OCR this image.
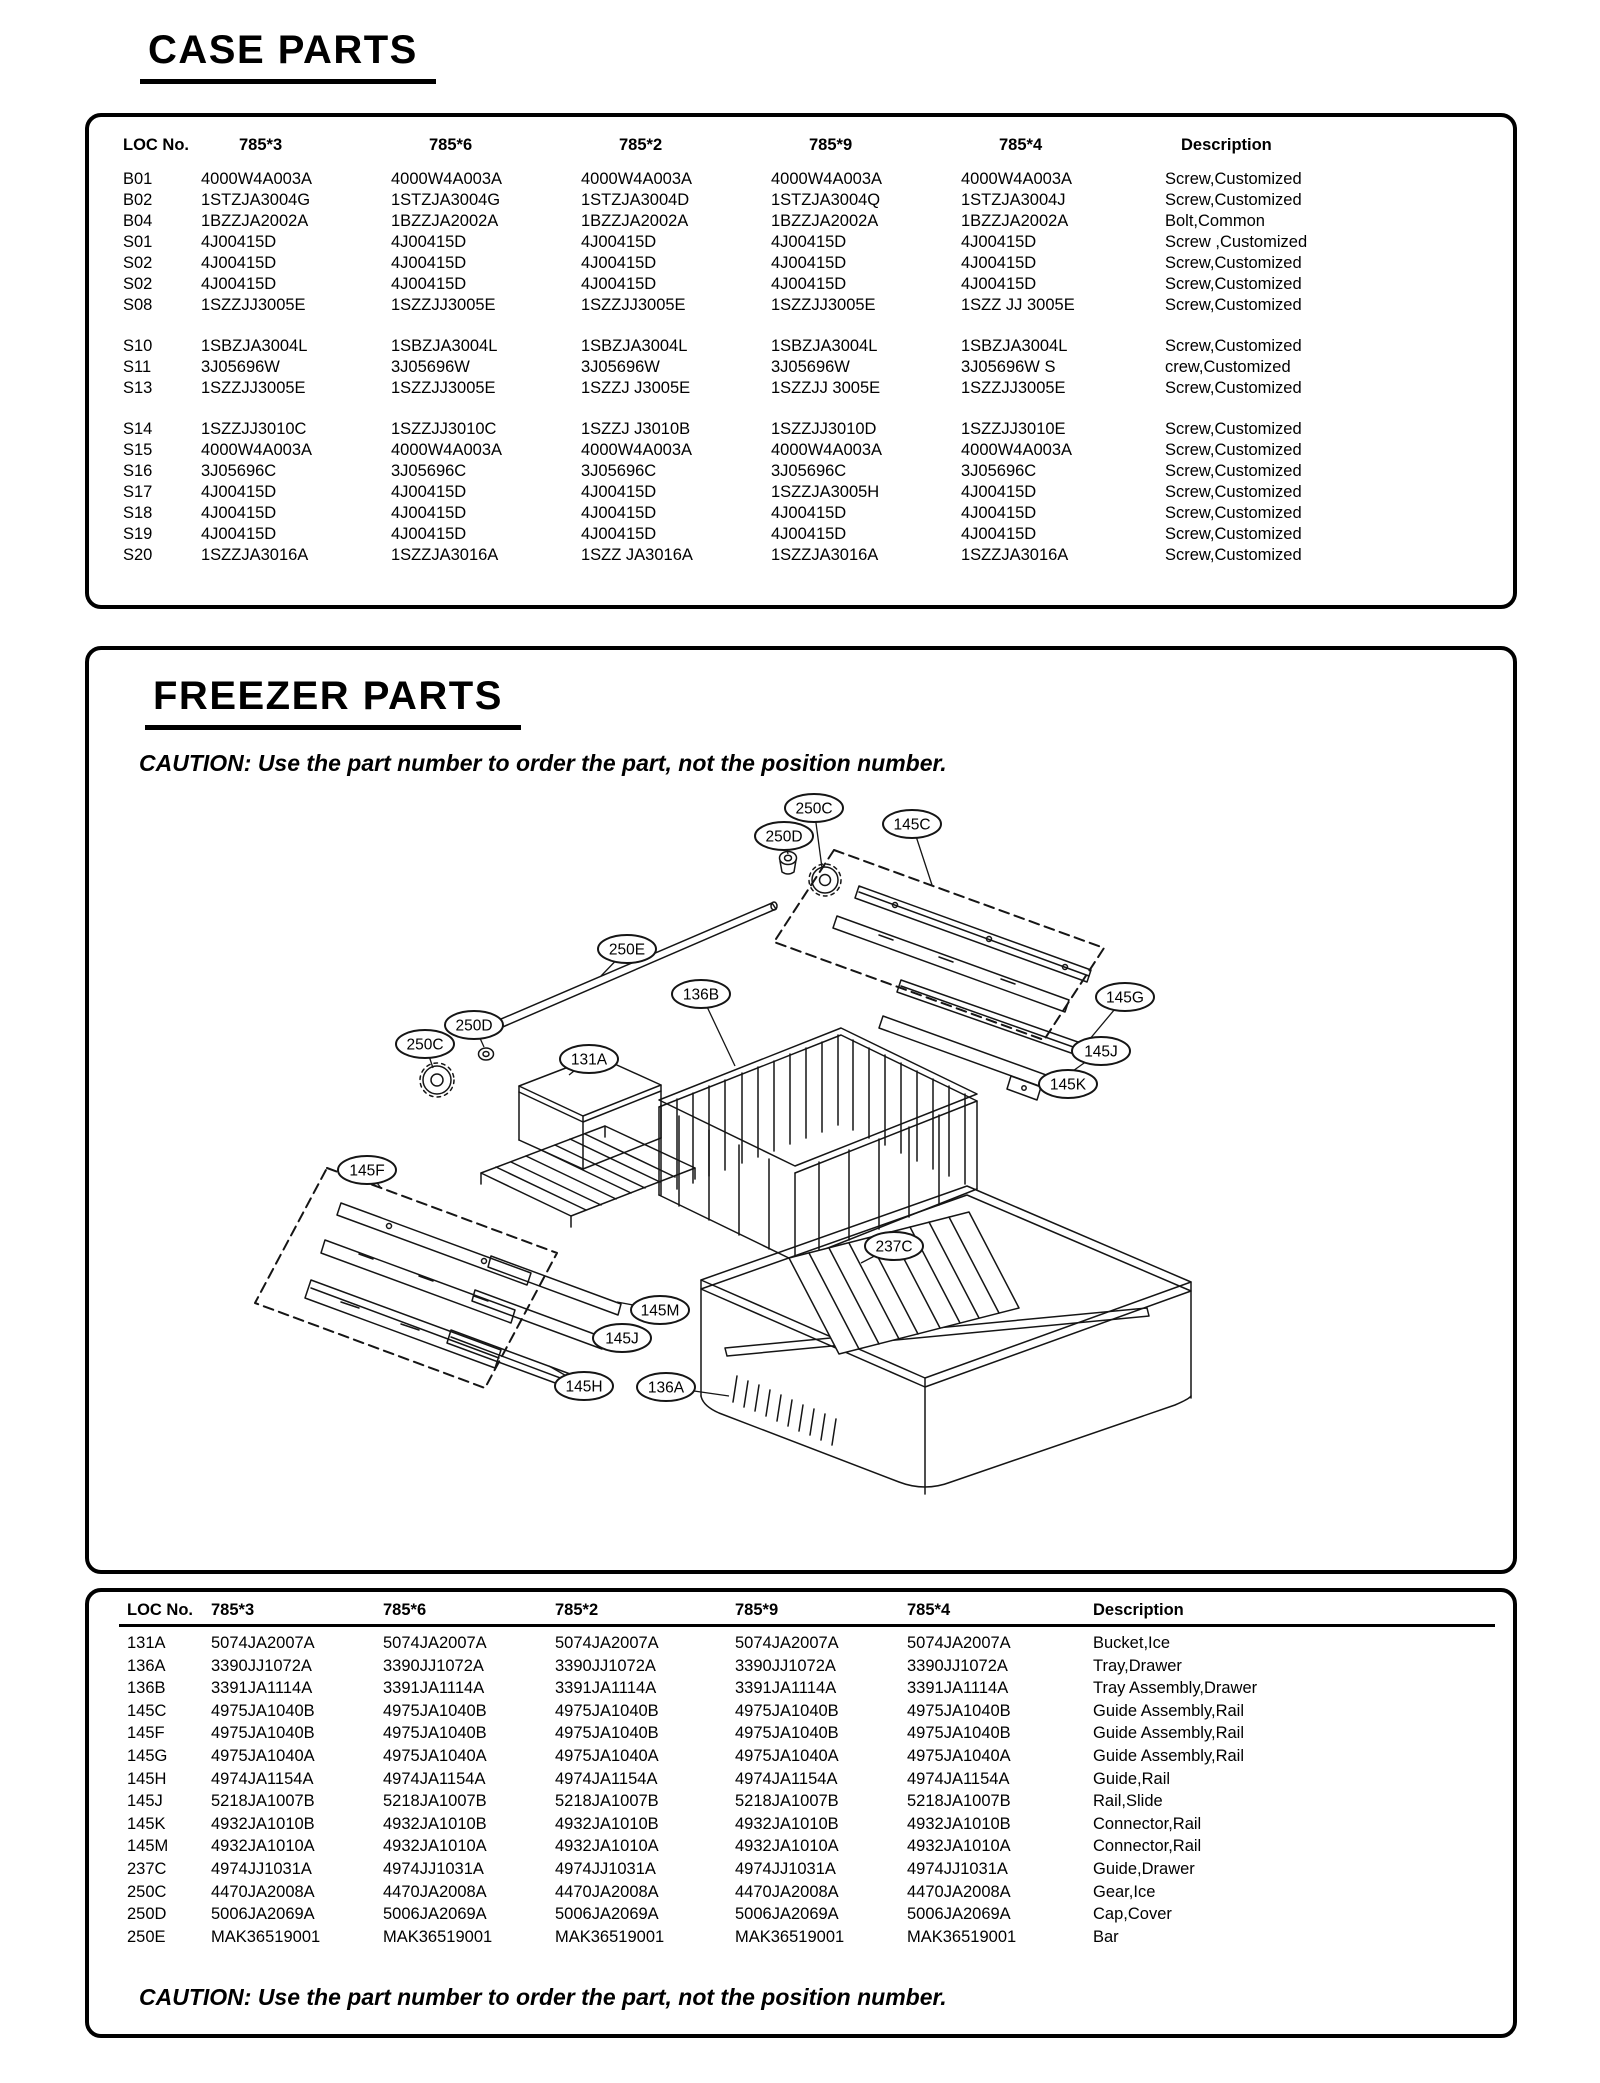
CASE PARTS
LOC No.	785*3	785*6	785*2	785*9	785*4	Description
B01	4000W4A003A	4000W4A003A	4000W4A003A	4000W4A003A	4000W4A003A	Screw,Customized
B02	1STZJA3004G	1STZJA3004G	1STZJA3004D	1STZJA3004Q	1STZJA3004J	Screw,Customized
B04	1BZZJA2002A	1BZZJA2002A	1BZZJA2002A	1BZZJA2002A	1BZZJA2002A	Bolt,Common
S01	4J00415D	4J00415D	4J00415D	4J00415D	4J00415D	Screw ,Customized
S02	4J00415D	4J00415D	4J00415D	4J00415D	4J00415D	Screw,Customized
S02	4J00415D	4J00415D	4J00415D	4J00415D	4J00415D	Screw,Customized
S08	1SZZJJ3005E	1SZZJJ3005E	1SZZJJ3005E	1SZZJJ3005E	1SZZ JJ 3005E	Screw,Customized

S10	1SBZJA3004L	1SBZJA3004L	1SBZJA3004L	1SBZJA3004L	1SBZJA3004L	Screw,Customized
S11	3J05696W	3J05696W	3J05696W	3J05696W	3J05696W S	crew,Customized
S13	1SZZJJ3005E	1SZZJJ3005E	1SZZJ J3005E	1SZZJJ 3005E	1SZZJJ3005E	Screw,Customized

S14	1SZZJJ3010C	1SZZJJ3010C	1SZZJ J3010B	1SZZJJ3010D	1SZZJJ3010E	Screw,Customized
S15	4000W4A003A	4000W4A003A	4000W4A003A	4000W4A003A	4000W4A003A	Screw,Customized
S16	3J05696C	3J05696C	3J05696C	3J05696C	3J05696C	Screw,Customized
S17	4J00415D	4J00415D	4J00415D	1SZZJA3005H	4J00415D	Screw,Customized
S18	4J00415D	4J00415D	4J00415D	4J00415D	4J00415D	Screw,Customized
S19	4J00415D	4J00415D	4J00415D	4J00415D	4J00415D	Screw,Customized
S20	1SZZJA3016A	1SZZJA3016A	1SZZ JA3016A	1SZZJA3016A	1SZZJA3016A	Screw,Customized
FREEZER PARTS
CAUTION: Use the part number to order the part, not the position number.
250C
250D
145C
250E
136B
250D
250C
131A
145G
145J
145K
145F
237C
145M
145J
145H	136A
LOC No.	785*3	785*6	785*2	785*9	785*4	Description
131A	5074JA2007A	5074JA2007A	5074JA2007A	5074JA2007A	5074JA2007A	Bucket,Ice
136A	3390JJ1072A	3390JJ1072A	3390JJ1072A	3390JJ1072A	3390JJ1072A	Tray,Drawer
136B	3391JA1114A	3391JA1114A	3391JA1114A	3391JA1114A	3391JA1114A	Tray Assembly,Drawer
145C	4975JA1040B	4975JA1040B	4975JA1040B	4975JA1040B	4975JA1040B	Guide Assembly,Rail
145F	4975JA1040B	4975JA1040B	4975JA1040B	4975JA1040B	4975JA1040B	Guide Assembly,Rail
145G	4975JA1040A	4975JA1040A	4975JA1040A	4975JA1040A	4975JA1040A	Guide Assembly,Rail
145H	4974JA1154A	4974JA1154A	4974JA1154A	4974JA1154A	4974JA1154A	Guide,Rail
145J	5218JA1007B	5218JA1007B	5218JA1007B	5218JA1007B	5218JA1007B	Rail,Slide
145K	4932JA1010B	4932JA1010B	4932JA1010B	4932JA1010B	4932JA1010B	Connector,Rail
145M	4932JA1010A	4932JA1010A	4932JA1010A	4932JA1010A	4932JA1010A	Connector,Rail
237C	4974JJ1031A	4974JJ1031A	4974JJ1031A	4974JJ1031A	4974JJ1031A	Guide,Drawer
250C	4470JA2008A	4470JA2008A	4470JA2008A	4470JA2008A	4470JA2008A	Gear,Ice
250D	5006JA2069A	5006JA2069A	5006JA2069A	5006JA2069A	5006JA2069A	Cap,Cover
250E	MAK36519001	MAK36519001	MAK36519001	MAK36519001	MAK36519001	Bar
CAUTION: Use the part number to order the part, not the position number.
